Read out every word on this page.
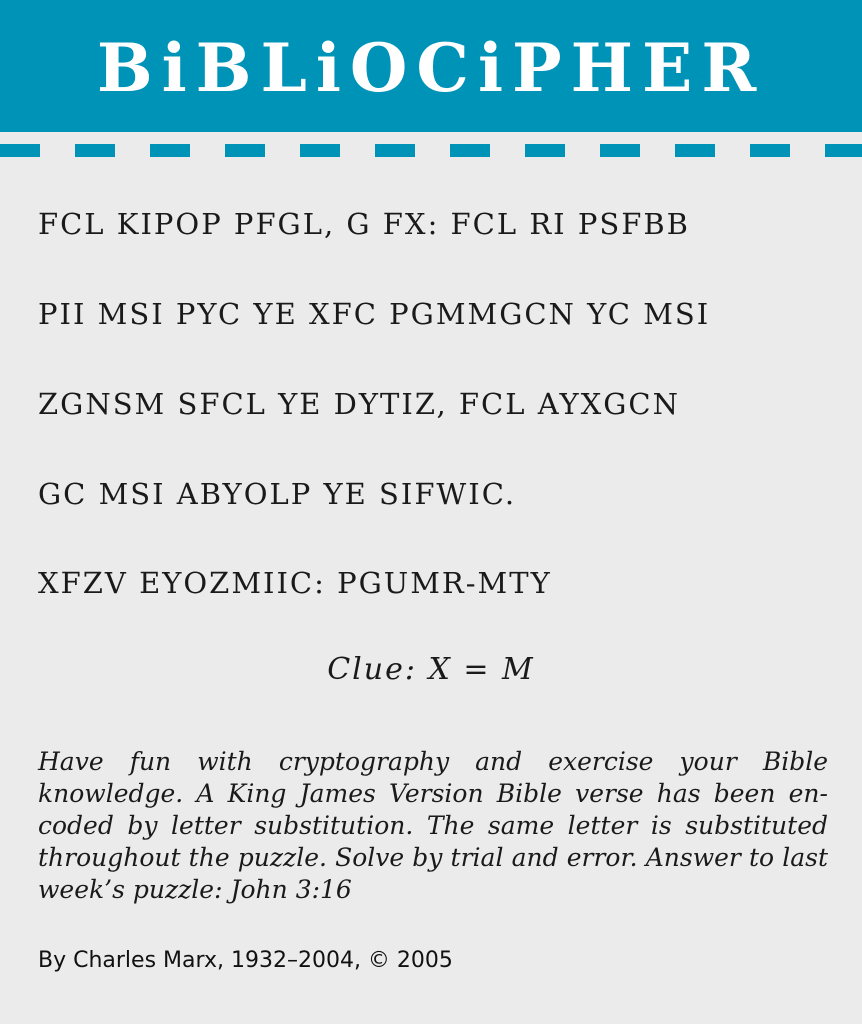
BiBLiOCiPHER
FCL KIPOP PFGL, G FX: FCL RI PSFBB
PII MSI PYC YE XFC PGMMGCN YC MSI
ZGNSM SFCL YE DYTIZ, FCL AYXGCN
GC MSI ABYOLP YE SIFWIC.
XFZV EYOZMIIC: PGUMR-MTY
Clue: X = M
Have fun with cryptography and exercise your Bible knowledge. A King James Version Bible verse has been encoded by letter substitution. The same letter is substituted throughout the puzzle. Solve by trial and error. Answer to last week’s puzzle: John 3:16
By Charles Marx, 1932–2004, © 2005
